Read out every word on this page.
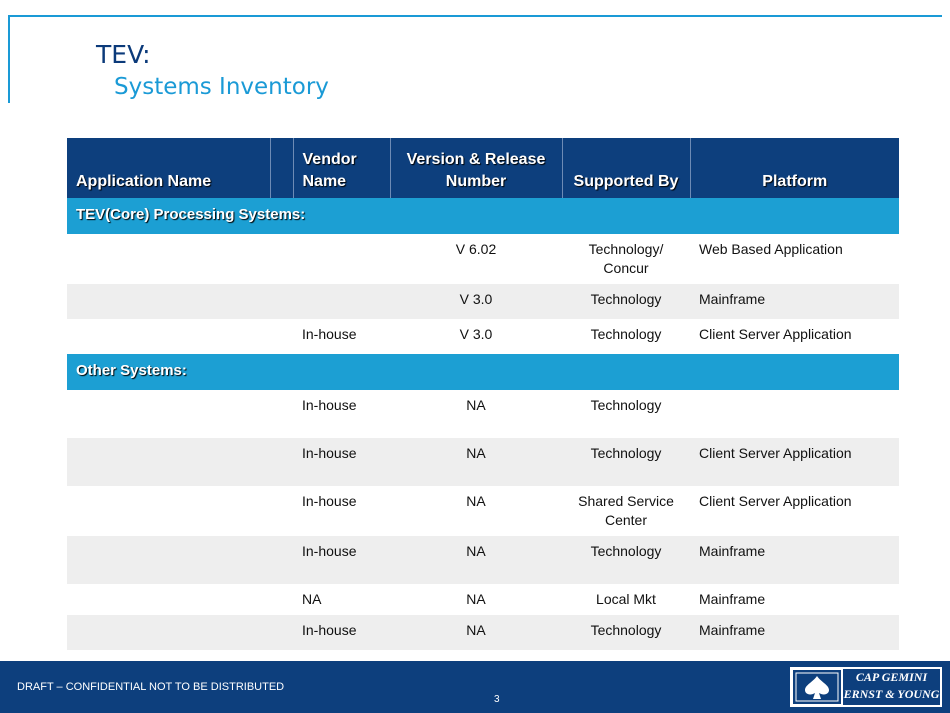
TEV:
Systems Inventory
Application Name		Vendor Name	Version & Release Number	Supported By	Platform
TEV(Core) Processing Systems:					
			V 6.02	Technology/ Concur	Web Based Application
			V 3.0	Technology	Mainframe
		In-house	V 3.0	Technology	Client Server Application
Other Systems:					
		In-house	NA	Technology	
		In-house	NA	Technology	Client Server Application
		In-house	NA	Shared Service Center	Client Server Application
		In-house	NA	Technology	Mainframe
		NA	NA	Local Mkt	Mainframe
		In-house	NA	Technology	Mainframe
DRAFT – CONFIDENTIAL NOT TO BE DISTRIBUTED
3
CAP GEMINI
ERNST & YOUNG
